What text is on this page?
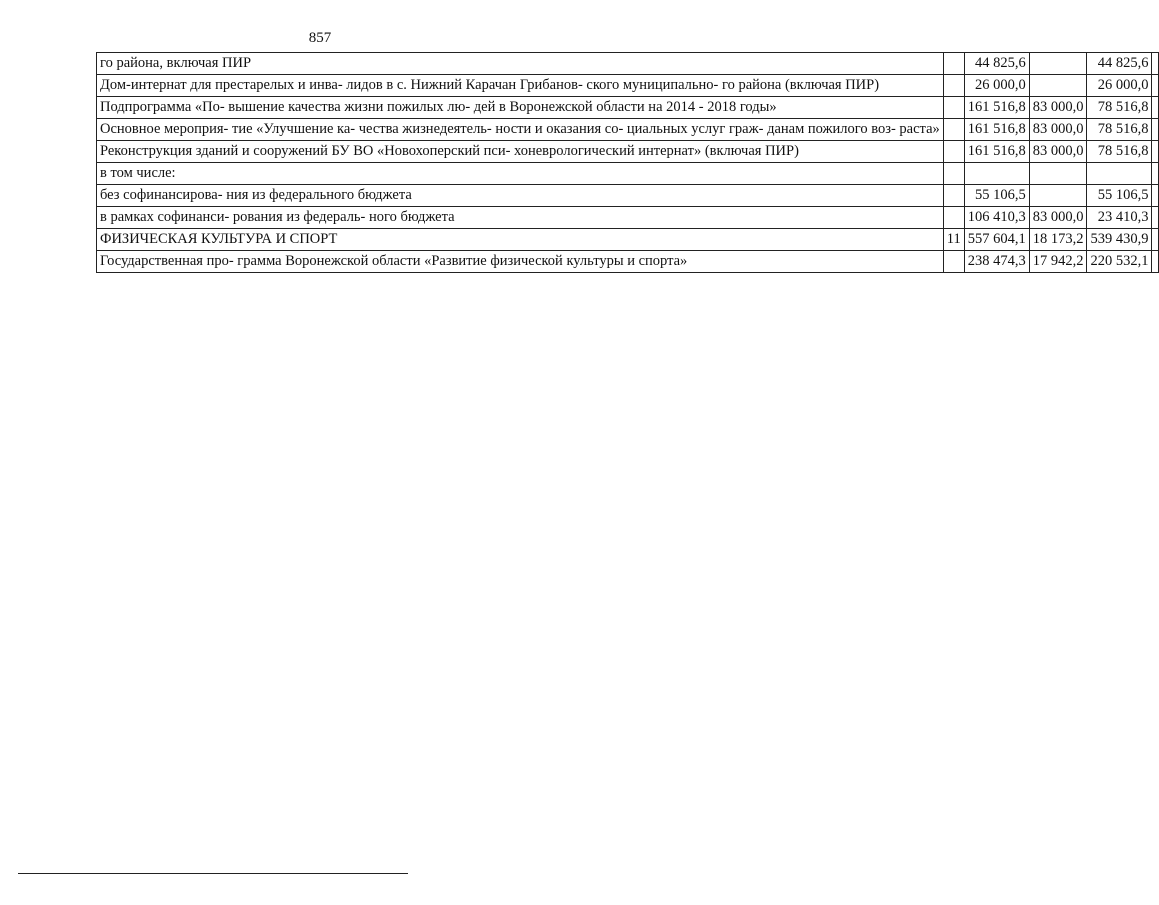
857
го района, включая ПИР		44 825,6		44 825,6	
Дом-интернат для престарелых и инва- лидов в с. Нижний Карачан Грибанов- ского муниципально- го района (включая ПИР)		26 000,0		26 000,0	
Подпрограмма «По- вышение качества жизни пожилых лю- дей в Воронежской области на 2014 - 2018 годы»		161 516,8	83 000,0	78 516,8	
Основное мероприя- тие «Улучшение ка- чества жизнедеятель- ности и оказания со- циальных услуг граж- данам пожилого воз- раста»		161 516,8	83 000,0	78 516,8	
Реконструкция зданий и сооружений БУ ВО «Новохоперский пси- хоневрологический интернат» (включая ПИР)		161 516,8	83 000,0	78 516,8	
в том числе:					
без софинансирова- ния из федерального бюджета		55 106,5		55 106,5	
в рамках софинанси- рования из федераль- ного бюджета		106 410,3	83 000,0	23 410,3	
ФИЗИЧЕСКАЯ КУЛЬТУРА И СПОРТ	11	557 604,1	18 173,2	539 430,9	
Государственная про- грамма Воронежской области «Развитие физической культуры и спорта»		238 474,3	17 942,2	220 532,1	
